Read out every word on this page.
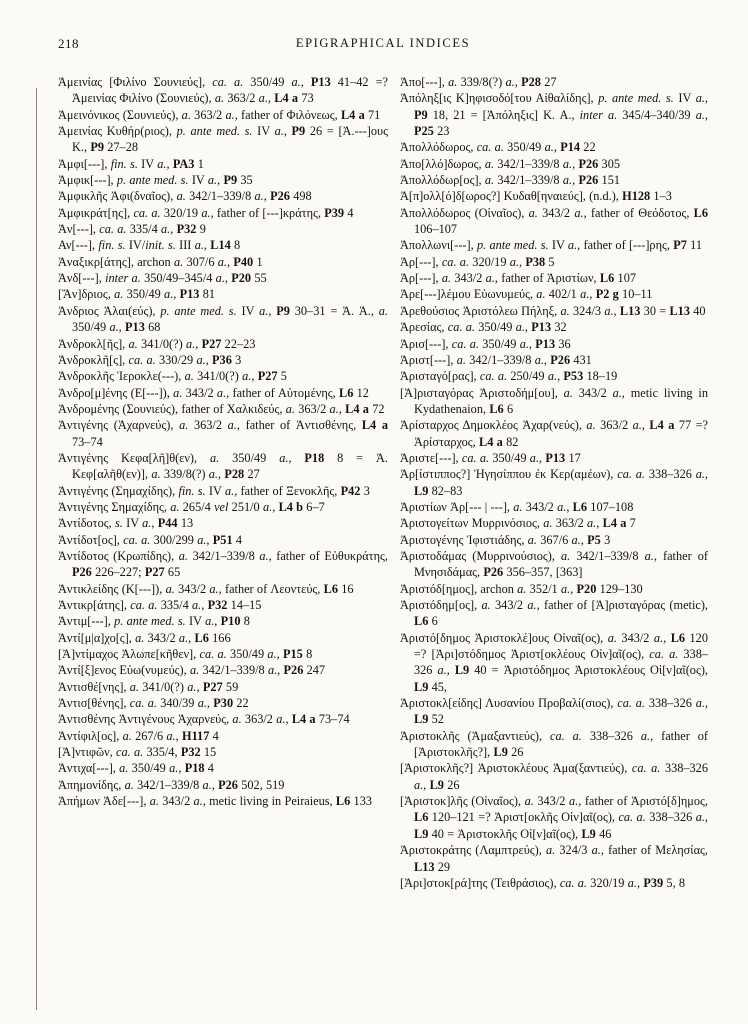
218	EPIGRAPHICAL INDICES

Ἀμεινίας [Φιλίνο Σουνιεύς], ca. a. 350/49 a., P13 41–42 =? Ἀμεινίας Φιλίνο (Σουνιεύς), a. 363/2 a., L4 a 73

Ἀμεινόνικος (Σουνιεύς), a. 363/2 a., father of Φιλόνεως, L4 a 71

Ἀμεινίας Κυθήρ(ριος), p. ante med. s. IV a., P9 26 = [Ἀ.---]ους Κ., P9 27–28

Ἀμφι[---], fin. s. IV a., PA3 1

Ἀμφικ[---], p. ante med. s. IV a., P9 35

Ἀμφικλῆς Ἀφι(δναῖος), a. 342/1–339/8 a., P26 498

Ἀμφικράτ[ης], ca. a. 320/19 a., father of [---]κράτης, P39 4

Ἀν[---], ca. a. 335/4 a., P32 9

Αν[---], fin. s. IV/init. s. III a., L14 8

Ἀναξικρ[άτης], archon a. 307/6 a., P40 1

Ἀνδ[---], inter a. 350/49–345/4 a., P20 55

[Ἄν]δριος, a. 350/49 a., P13 81

Ἀνδριος Ἁλαι(εύς), p. ante med. s. IV a., P9 30–31 = Ἀ. Ἀ., a. 350/49 a., P13 68

Ἀνδροκλ[ῆς], a. 341/0(?) a., P27 22–23

Ἀνδροκλῆ[ς], ca. a. 330/29 a., P36 3

Ἀνδροκλῆς Ἱεροκλε(---), a. 341/0(?) a., P27 5

Ἀνδρο[μ]ένης (Ε[---]), a. 343/2 a., father of Αὐτομένης, L6 12

Ἀνδρομένης (Σουνιεύς), father of Χαλκιδεύς, a. 363/2 a., L4 a 72

Ἀντιγένης (Ἀχαρνεύς), a. 363/2 a., father of Ἀντισθένης, L4 a 73–74

Ἀντιγένης Κεφα[λῆ]θ(εν), a. 350/49 a., P18 8 = Ἀ. Κεφ[αλῆθ(εν)], a. 339/8(?) a., P28 27

Ἀντιγένης (Σημαχίδης), fin. s. IV a., father of Ξενοκλῆς, P42 3

Ἀντιγένης Σημαχίδης, a. 265/4 vel 251/0 a., L4 b 6–7

Ἀντίδοτος, s. IV a., P44 13

Ἀντίδοτ[ος], ca. a. 300/299 a., P51 4

Ἀντίδοτος (Κρωπίδης), a. 342/1–339/8 a., father of Εὐθυκράτης, P26 226–227; P27 65

Ἀντικλείδης (Κ[---]), a. 343/2 a., father of Λεοντεύς, L6 16

Ἀντικρ[άτης], ca. a. 335/4 a., P32 14–15

Ἀντιμ[---], p. ante med. s. IV a., P10 8

Ἀντί[μ|α]χο[ς], a. 343/2 a., L6 166

[Ἀ]ντίμαχος Ἀλωπε[κῆθεν], ca. a. 350/49 a., P15 8

Ἀντί[ξ]ενος Εὐω(νυμεύς), a. 342/1–339/8 a., P26 247

Ἀντισθέ[νης], a. 341/0(?) a., P27 59

Ἀντισ[θένης], ca. a. 340/39 a., P30 22

Ἀντισθένης Ἀντιγένους Ἀχαρνεύς, a. 363/2 a., L4 a 73–74

Ἀντίφιλ[ος], a. 267/6 a., H117 4

[Ἀ]ντιφῶν, ca. a. 335/4, P32 15

Ἀντιχα[---], a. 350/49 a., P18 4

Ἀπημονίδης, a. 342/1–339/8 a., P26 502, 519

Ἀπήμων Ἀδε[---], a. 343/2 a., metic living in Peiraieus, L6 133

Ἀπο[---], a. 339/8(?) a., P28 27

Ἀπόληξ[ις Κ]ηφισοδό[του Αἰθαλίδης], p. ante med. s. IV a., P9 18, 21 = [Ἀπόληξις] Κ. Α., inter a. 345/4–340/39 a., P25 23

Ἀπολλόδωρος, ca. a. 350/49 a., P14 22

Ἀπο[λλό]δωρος, a. 342/1–339/8 a., P26 305

Ἀπολλόδωρ[ος], a. 342/1–339/8 a., P26 151

Ἀ[π]ολλ[ό]δ[ωρος?] Κυδαθ[ηναιεύς], (n.d.), H128 1–3

Ἀπολλόδωρος (Οἰναῖος), a. 343/2 a., father of Θεόδοτος, L6 106–107

Ἀπολλωνι[---], p. ante med. s. IV a., father of [---]ρης, P7 11

Ἀρ[---], ca. a. 320/19 a., P38 5

Ἀρ[---], a. 343/2 a., father of Ἀριστίων, L6 107

Ἀρε[---]λέμου Εὐωνυμεύς, a. 402/1 a., P2 g 10–11

Ἀρεθούσιος Ἀριστόλεω Πήληξ, a. 324/3 a., L13 30 = L13 40

Ἀρεσίας, ca. a. 350/49 a., P13 32

Ἀρισ[---], ca. a. 350/49 a., P13 36

Ἀριστ[---], a. 342/1–339/8 a., P26 431

Ἀρισταγό[ρας], ca. a. 250/49 a., P53 18–19

[Ἀ]ρισταγόρας Ἀριστοδήμ[ου], a. 343/2 a., metic living in Kydathenaion, L6 6

Ἀρίσταρχος Δημοκλέος Ἀχαρ(νεύς), a. 363/2 a., L4 a 77 =? Ἀρίσταρχος, L4 a 82

Ἀριστε[---], ca. a. 350/49 a., P13 17

Ἀρ[ίστιππος?] Ἡγησίππου ἐκ Κερ(αμέων), ca. a. 338–326 a., L9 82–83

Ἀριστίων Ἀρ[--- | ---], a. 343/2 a., L6 107–108

Ἀριστογείτων Μυρρινόσιος, a. 363/2 a., L4 a 7

Ἀριστογένης Ἰφιστιάδης, a. 367/6 a., P5 3

Ἀριστοδάμας (Μυρρινούσιος), a. 342/1–339/8 a., father of Μνησιδάμας, P26 356–357, [363]

Ἀριστόδ[ημος], archon a. 352/1 a., P20 129–130

Ἀριστόδημ[ος], a. 343/2 a., father of [Ἀ]ρισταγόρας (metic), L6 6

Ἀριστό[δημος Ἀριστοκλέ]ους Οἰναῖ(ος), a. 343/2 a., L6 120 =? [Ἀρι]στόδημος Ἀριστ[οκλέους Οἰν]αῖ(ος), ca. a. 338–326 a., L9 40 = Ἀριστόδημος Ἀριστοκλέους Οἰ[ν]αῖ(ος), L9 45,

Ἀριστοκλ[είδης] Λυσανίου Προβαλί(σιος), ca. a. 338–326 a., L9 52

Ἀριστοκλῆς (Ἁμαξαντιεύς), ca. a. 338–326 a., father of [Ἀριστοκλῆς?], L9 26

[Ἀριστοκλῆς?] Ἀριστοκλέους Ἁμα(ξαντιεύς), ca. a. 338–326 a., L9 26

[Ἀριστοκ]λῆς (Οἰναῖος), a. 343/2 a., father of Ἀριστό[δ]ημος, L6 120–121 =? Ἀριστ[οκλῆς Οἰν]αῖ(ος), ca. a. 338–326 a., L9 40 = Ἀριστοκλῆς Οἰ[ν]αῖ(ος), L9 46

Ἀριστοκράτης (Λαμπτρεύς), a. 324/3 a., father of Μελησίας, L13 29

[Ἀρι]στοκ[ρά]της (Τειθράσιος), ca. a. 320/19 a., P39 5, 8
